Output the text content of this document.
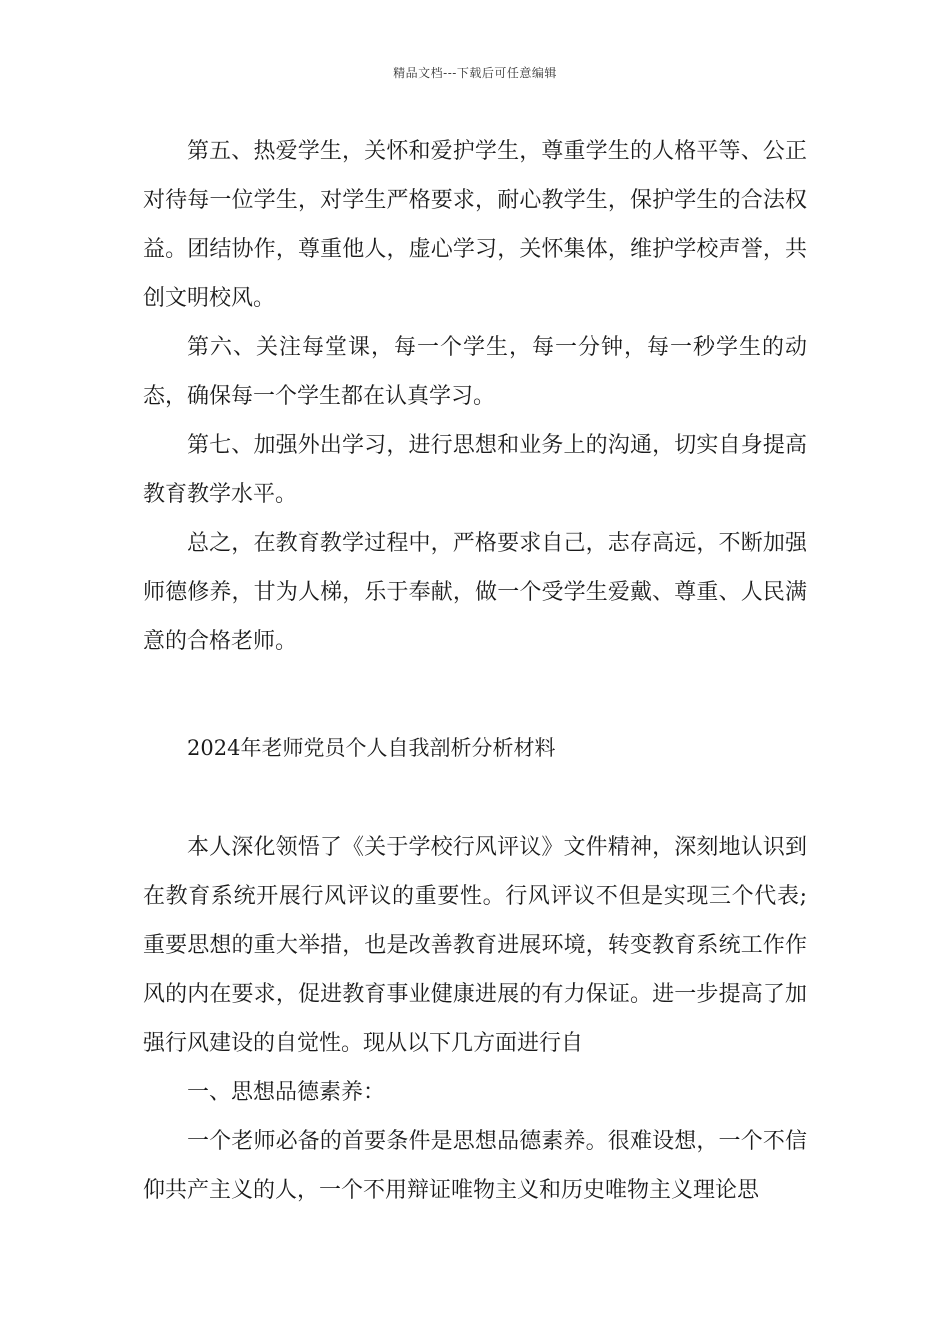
精品文档---下载后可任意编辑

第五、热爱学生，关怀和爱护学生，尊重学生的人格平等、公正对待每一位学生，对学生严格要求，耐心教学生，保护学生的合法权益。团结协作，尊重他人，虚心学习，关怀集体，维护学校声誉，共创文明校风。

第六、关注每堂课，每一个学生，每一分钟，每一秒学生的动态，确保每一个学生都在认真学习。

第七、加强外出学习，进行思想和业务上的沟通，切实自身提高教育教学水平。

总之，在教育教学过程中，严格要求自己，志存高远，不断加强师德修养，甘为人梯，乐于奉献，做一个受学生爱戴、尊重、人民满意的合格老师。

2024年老师党员个人自我剖析分析材料

本人深化领悟了《关于学校行风评议》文件精神，深刻地认识到在教育系统开展行风评议的重要性。行风评议不但是实现三个代表;重要思想的重大举措，也是改善教育进展环境，转变教育系统工作作风的内在要求，促进教育事业健康进展的有力保证。进一步提高了加强行风建设的自觉性。现从以下几方面进行自

一、思想品德素养：

一个老师必备的首要条件是思想品德素养。很难设想，一个不信仰共产主义的人，一个不用辩证唯物主义和历史唯物主义理论思
